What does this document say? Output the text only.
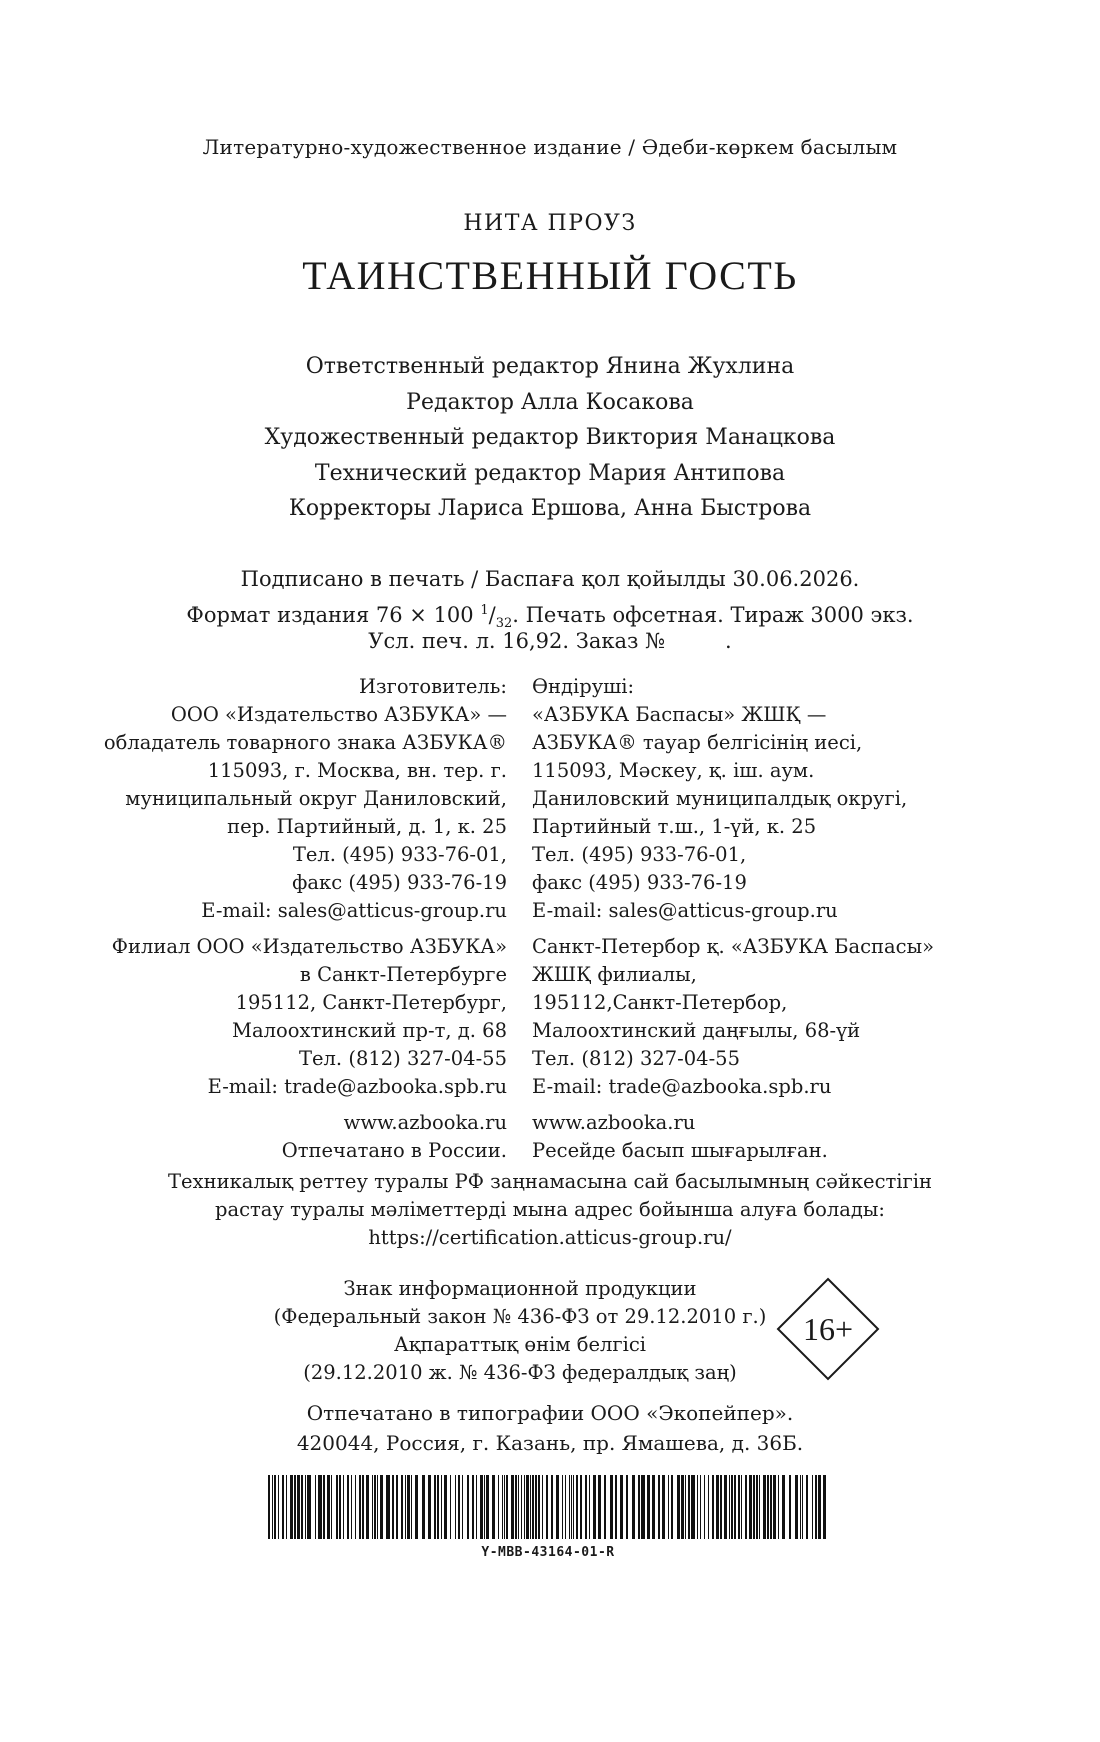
Литературно-художественное издание / Әдеби-көркем басылым
НИТА ПРОУЗ
ТАИНСТВЕННЫЙ ГОСТЬ
Ответственный редактор Янина Жухлина
Редактор Алла Косакова
Художественный редактор Виктория Манацкова
Технический редактор Мария Антипова
Корректоры Лариса Ершова, Анна Быстрова
Подписано в печать / Баспаға қол қойылды 30.06.2026.
Формат издания 76 × 100 $^1/_{32}$. Печать офсетная. Тираж 3000 экз.
Усл. печ. л. 16,92. Заказ №	.
Изготовитель:
ООО «Издательство АЗБУКА» —
обладатель товарного знака АЗБУКА®
115093, г. Москва, вн. тер. г.
муниципальный округ Даниловский,
пер. Партийный, д. 1, к. 25
Тел. (495) 933-76-01,
факс (495) 933-76-19
E-mail: sales@atticus-group.ru
Филиал ООО «Издательство АЗБУКА»
в Санкт-Петербурге
195112, Санкт-Петербург,
Малоохтинский пр-т, д. 68
Тел. (812) 327-04-55
E-mail: trade@azbooka.spb.ru
www.azbooka.ru
Отпечатано в России.
Өндіруші:
«АЗБУКА Баспасы» ЖШҚ —
АЗБУКА® тауар белгісінің иесі,
115093, Мәскеу, қ. іш. аум.
Даниловский муниципалдық округі,
Партийный т.ш., 1-үй, к. 25
Тел. (495) 933-76-01,
факс (495) 933-76-19
E-mail: sales@atticus-group.ru
Санкт-Петербор қ. «АЗБУКА Баспасы»
ЖШҚ филиалы,
195112,Санкт-Петербор,
Малоохтинский даңғылы, 68-үй
Тел. (812) 327-04-55
E-mail: trade@azbooka.spb.ru
www.azbooka.ru
Ресейде басып шығарылған.
Техникалық реттеу туралы РФ заңнамасына сай басылымның сәйкестігін
растау туралы мәліметтерді мына адрес бойынша алуға болады:
https://certification.atticus-group.ru/
Знак информационной продукции
(Федеральный закон № 436-ФЗ от 29.12.2010 г.)
Ақпараттық өнім белгісі
(29.12.2010 ж. № 436-ФЗ федералдық заң)
16+
Отпечатано в типографии ООО «Экопейпер».
420044, Россия, г. Казань, пр. Ямашева, д. 36Б.
Y-MBB-43164-01-R
